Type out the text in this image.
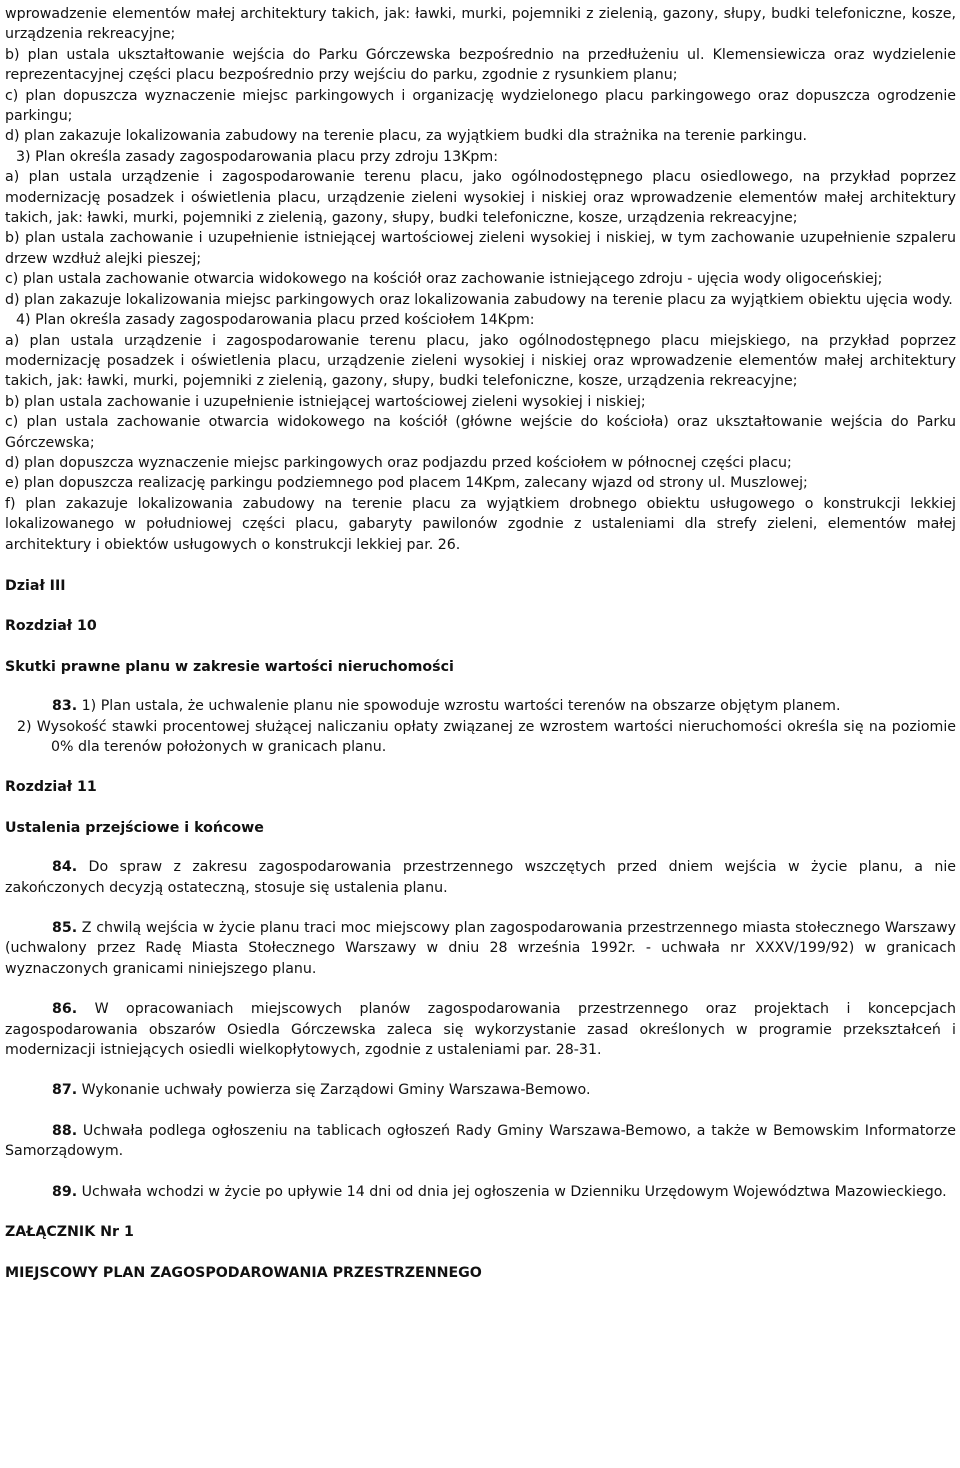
wprowadzenie elementów małej architektury takich, jak: ławki, murki, pojemniki z zielenią, gazony, słupy, budki telefoniczne, kosze, urządzenia rekreacyjne;

b) plan ustala ukształtowanie wejścia do Parku Górczewska bezpośrednio na przedłużeniu ul. Klemensiewicza oraz wydzielenie reprezentacyjnej części placu bezpośrednio przy wejściu do parku, zgodnie z rysunkiem planu;

c) plan dopuszcza wyznaczenie miejsc parkingowych i organizację wydzielonego placu parkingowego oraz dopuszcza ogrodzenie parkingu;

d) plan zakazuje lokalizowania zabudowy na terenie placu, za wyjątkiem budki dla strażnika na terenie parkingu.

3) Plan określa zasady zagospodarowania placu przy zdroju 13Kpm:

a) plan ustala urządzenie i zagospodarowanie terenu placu, jako ogólnodostępnego placu osiedlowego, na przykład poprzez modernizację posadzek i oświetlenia placu, urządzenie zieleni wysokiej i niskiej oraz wprowadzenie elementów małej architektury takich, jak: ławki, murki, pojemniki z zielenią, gazony, słupy, budki telefoniczne, kosze, urządzenia rekreacyjne;

b) plan ustala zachowanie i uzupełnienie istniejącej wartościowej zieleni wysokiej i niskiej, w tym zachowanie uzupełnienie szpaleru drzew wzdłuż alejki pieszej;

c) plan ustala zachowanie otwarcia widokowego na kościół oraz zachowanie istniejącego zdroju - ujęcia wody oligoceńskiej;

d) plan zakazuje lokalizowania miejsc parkingowych oraz lokalizowania zabudowy na terenie placu za wyjątkiem obiektu ujęcia wody.

4) Plan określa zasady zagospodarowania placu przed kościołem 14Kpm:

a) plan ustala urządzenie i zagospodarowanie terenu placu, jako ogólnodostępnego placu miejskiego, na przykład poprzez modernizację posadzek i oświetlenia placu, urządzenie zieleni wysokiej i niskiej oraz wprowadzenie elementów małej architektury takich, jak: ławki, murki, pojemniki z zielenią, gazony, słupy, budki telefoniczne, kosze, urządzenia rekreacyjne;

b) plan ustala zachowanie i uzupełnienie istniejącej wartościowej zieleni wysokiej i niskiej;

c) plan ustala zachowanie otwarcia widokowego na kościół (główne wejście do kościoła) oraz ukształtowanie wejścia do Parku Górczewska;

d) plan dopuszcza wyznaczenie miejsc parkingowych oraz podjazdu przed kościołem w północnej części placu;

e) plan dopuszcza realizację parkingu podziemnego pod placem 14Kpm, zalecany wjazd od strony ul. Muszlowej;

f) plan zakazuje lokalizowania zabudowy na terenie placu za wyjątkiem drobnego obiektu usługowego o konstrukcji lekkiej lokalizowanego w południowej części placu, gabaryty pawilonów zgodnie z ustaleniami dla strefy zieleni, elementów małej architektury i obiektów usługowych o konstrukcji lekkiej par. 26.

Dział III

Rozdział 10

Skutki prawne planu w zakresie wartości nieruchomości

83. 1) Plan ustala, że uchwalenie planu nie spowoduje wzrostu wartości terenów na obszarze objętym planem.

2) Wysokość stawki procentowej służącej naliczaniu opłaty związanej ze wzrostem wartości nieruchomości określa się na poziomie 0% dla terenów położonych w granicach planu.

Rozdział 11

Ustalenia przejściowe i końcowe

84. Do spraw z zakresu zagospodarowania przestrzennego wszczętych przed dniem wejścia w życie planu, a nie zakończonych decyzją ostateczną, stosuje się ustalenia planu.

85. Z chwilą wejścia w życie planu traci moc miejscowy plan zagospodarowania przestrzennego miasta stołecznego Warszawy (uchwalony przez Radę Miasta Stołecznego Warszawy w dniu 28 września 1992r. - uchwała nr XXXV/199/92) w granicach wyznaczonych granicami niniejszego planu.

86. W opracowaniach miejscowych planów zagospodarowania przestrzennego oraz projektach i koncepcjach zagospodarowania obszarów Osiedla Górczewska zaleca się wykorzystanie zasad określonych w programie przekształceń i modernizacji istniejących osiedli wielkopłytowych, zgodnie z ustaleniami par. 28-31.

87. Wykonanie uchwały powierza się Zarządowi Gminy Warszawa-Bemowo.

88. Uchwała podlega ogłoszeniu na tablicach ogłoszeń Rady Gminy Warszawa-Bemowo, a także w Bemowskim Informatorze Samorządowym.

89. Uchwała wchodzi w życie po upływie 14 dni od dnia jej ogłoszenia w Dzienniku Urzędowym Województwa Mazowieckiego.

ZAŁĄCZNIK Nr 1

MIEJSCOWY PLAN ZAGOSPODAROWANIA PRZESTRZENNEGO
